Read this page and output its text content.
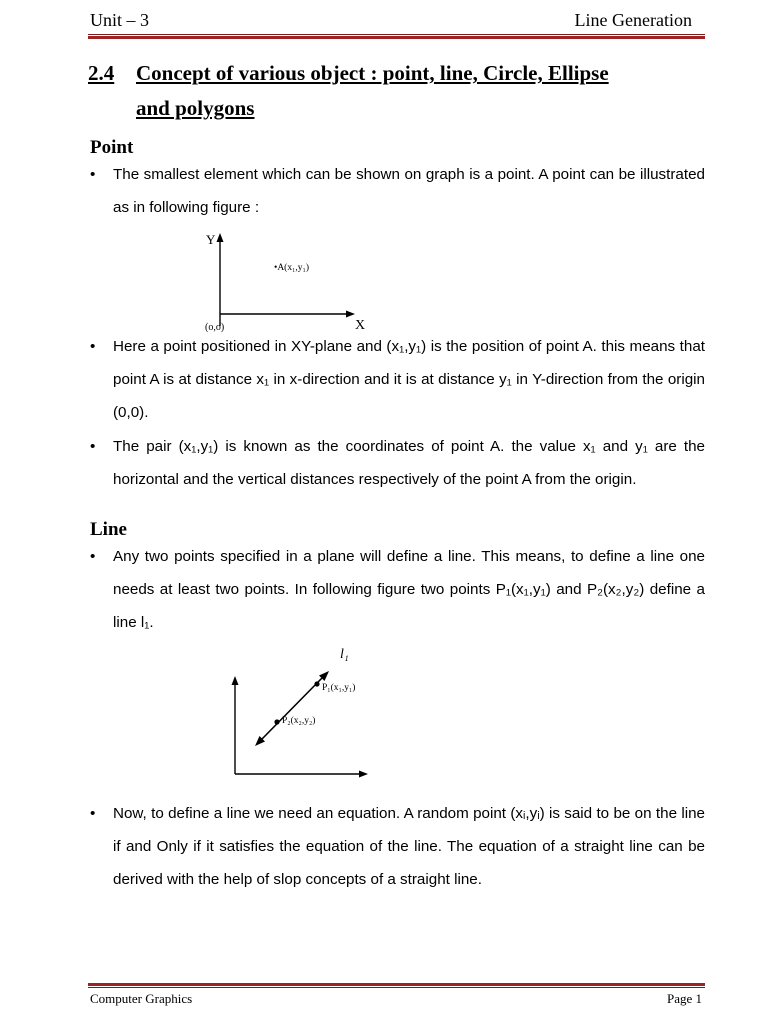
Unit – 3	Line Generation
2.4 Concept of various object : point, line, Circle, Ellipse
and polygons
Point
•	The smallest element which can be shown on graph is a point. A point can be illustrated as in following figure :
Y
X
(o,o)
•A(x₁,y₁)
•	Here a point positioned in XY-plane and (x₁,y₁) is the position of point A. this means that point A is at distance x₁ in x-direction and it is at distance y₁ in Y-direction from the origin (0,0).
•	The pair (x₁,y₁) is known as the coordinates of point A. the value x₁ and y₁ are the horizontal and the vertical distances respectively of the point A from the origin.
Line
•	Any two points specified in a plane will define a line. This means, to define a line one needs at least two points. In following figure two points P₁(x₁,y₁) and P₂(x₂,y₂) define a line l₁.
l₁
P₁(x₁,y₁)
P₂(x₂,y₂)
•	Now, to define a line we need an equation. A random point (xᵢ,yᵢ) is said to be on the line if and Only if it satisfies the equation of the line. The equation of a straight line can be derived with the help of slop concepts of a straight line.
Computer Graphics	Page 1
